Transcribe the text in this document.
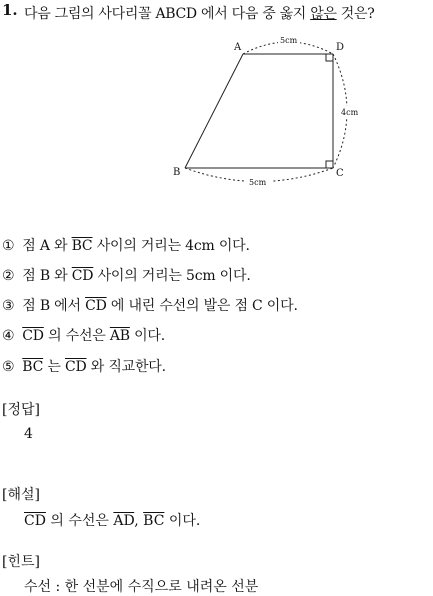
1. 다음 그림의 사다리꼴 ABCD 에서 다음 중 옳지 않은 것은?
A	D
B	C
5cm
4cm
5cm
① 점 A 와 $\overline{BC}$ 사이의 거리는 4cm 이다.
② 점 B 와 $\overline{CD}$ 사이의 거리는 5cm 이다.
③ 점 B 에서 $\overline{CD}$ 에 내린 수선의 발은 점 C 이다.
④ $\overline{CD}$ 의 수선은 $\overline{AB}$ 이다.
⑤ $\overline{BC}$ 는 $\overline{CD}$ 와 직교한다.
[정답]
4
[해설]
$\overline{CD}$ 의 수선은 $\overline{AD}$, $\overline{BC}$ 이다.
[힌트]
수선 : 한 선분에 수직으로 내려온 선분
